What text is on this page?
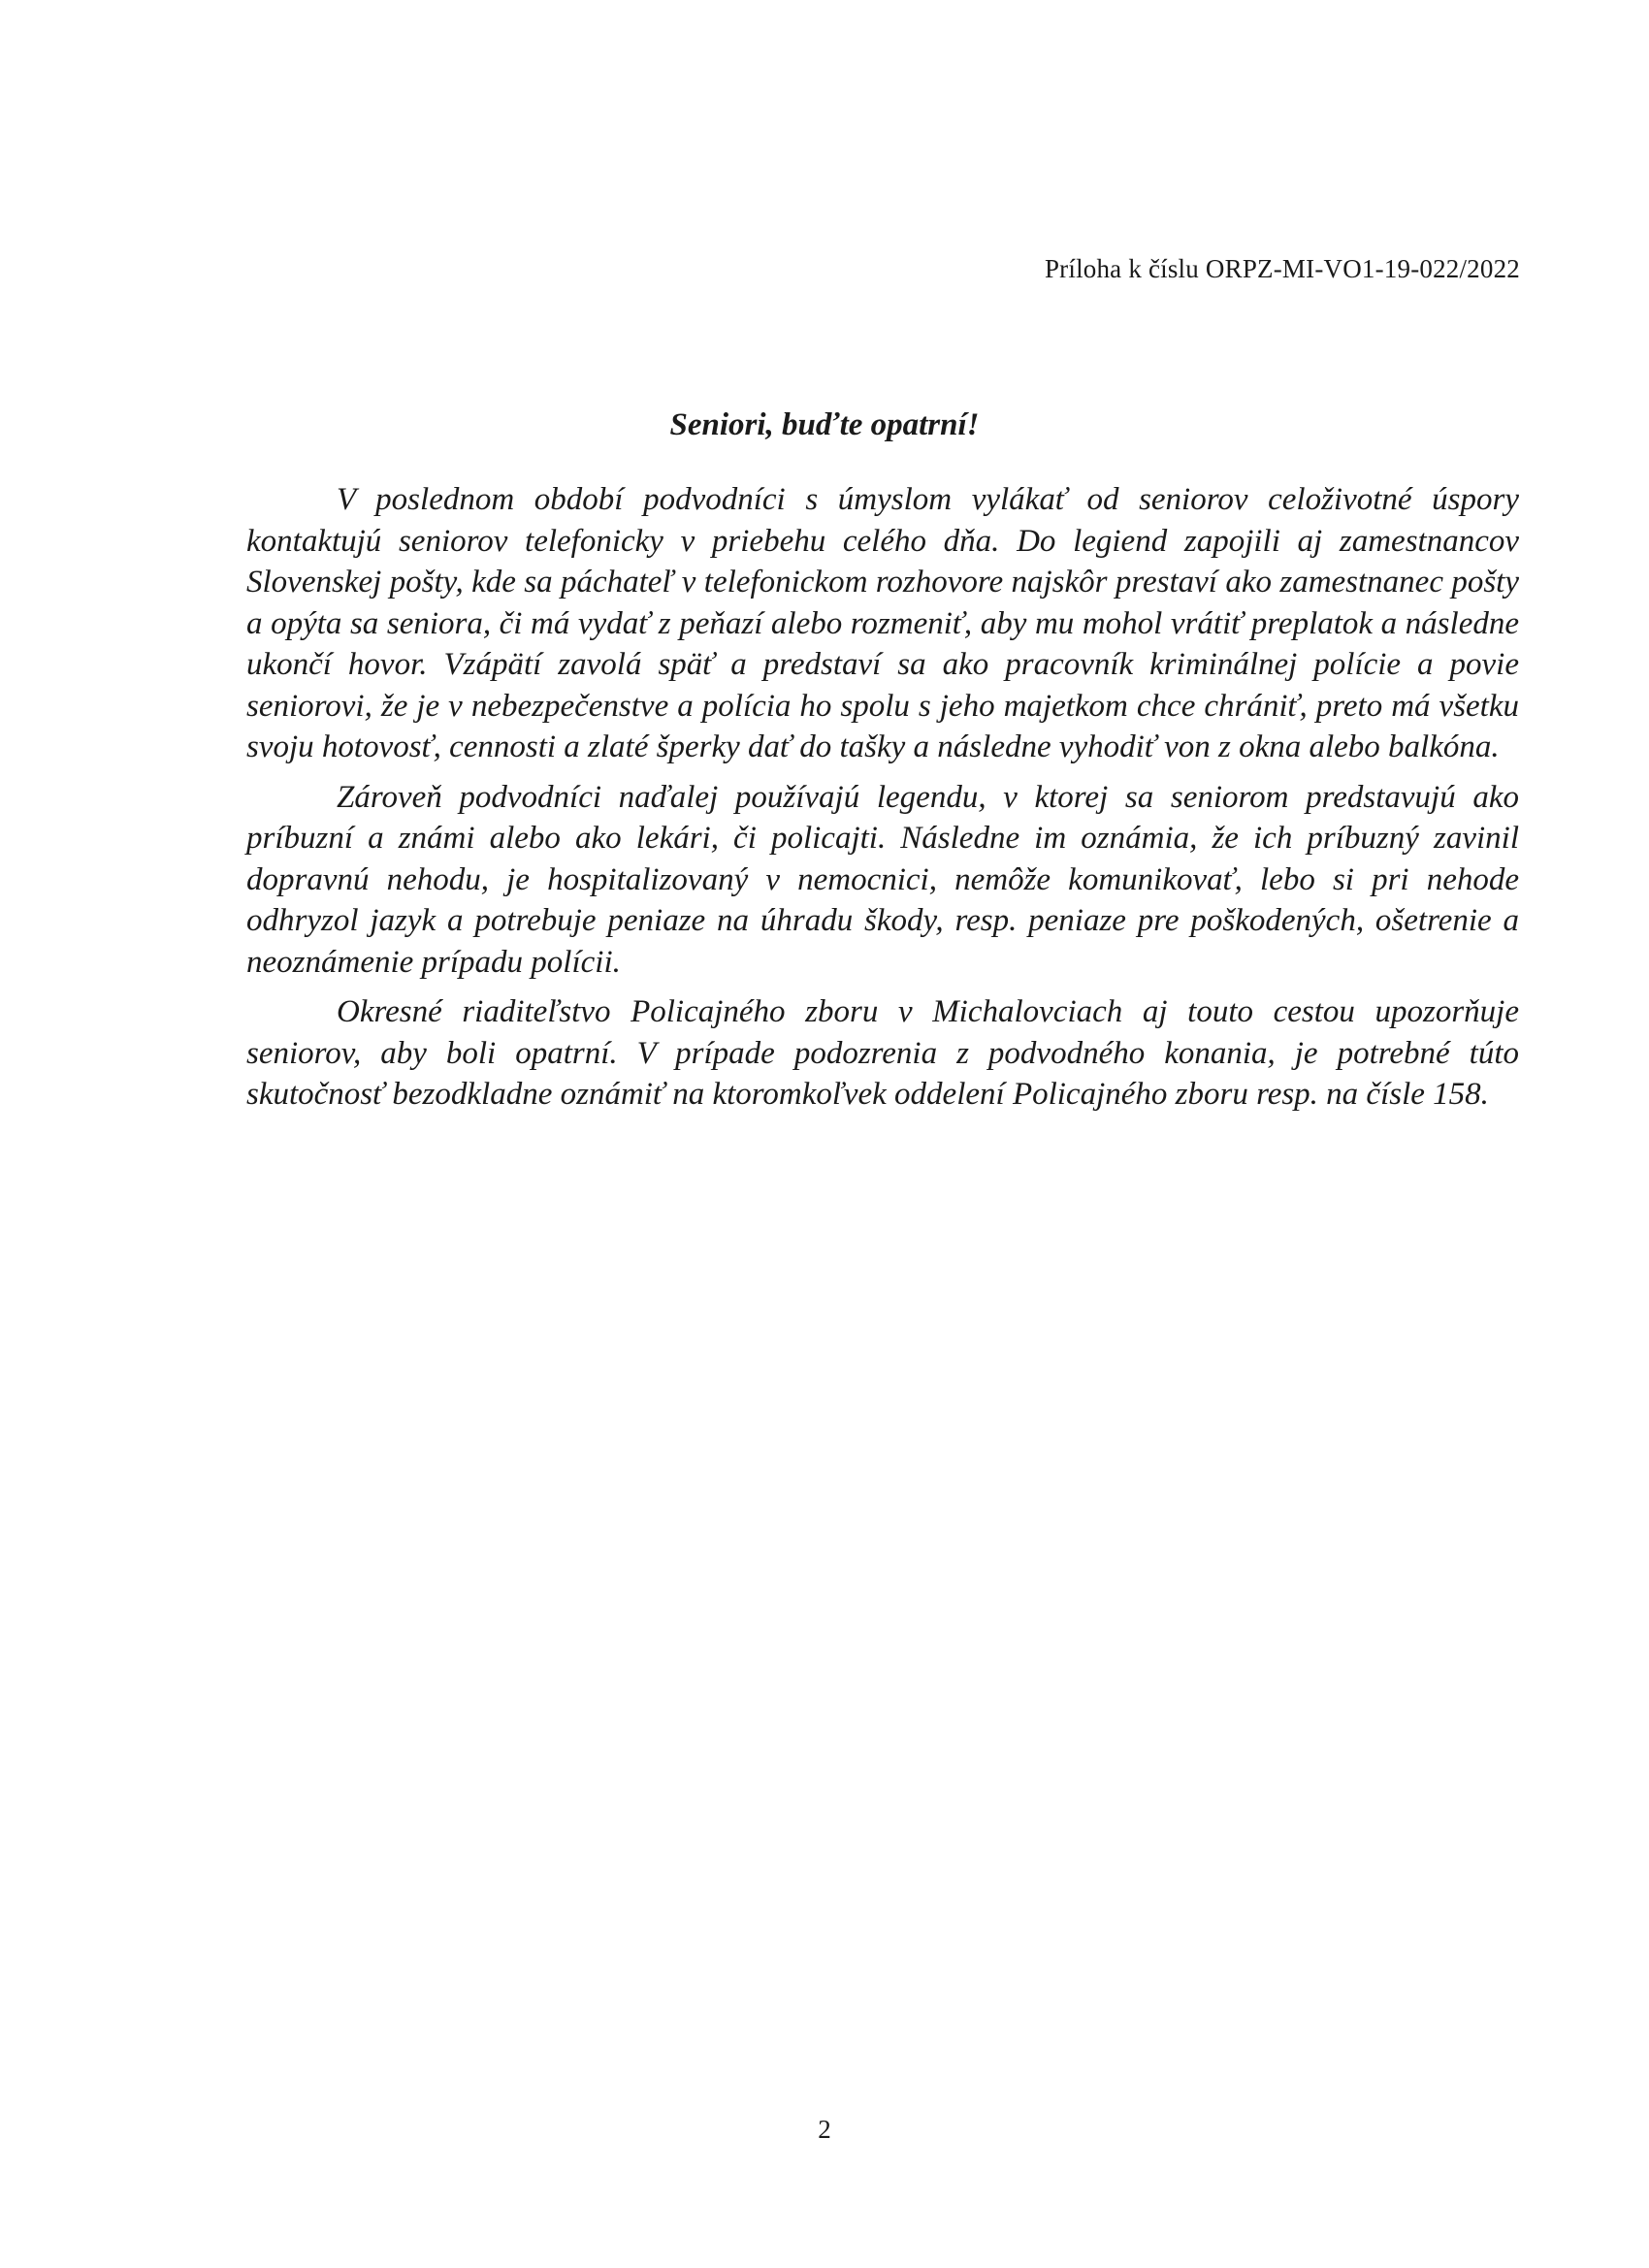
Príloha k číslu ORPZ-MI-VO1-19-022/2022
Seniori, buďte opatrní!

V poslednom období podvodníci s úmyslom vylákať od seniorov celoživotné úspory kontaktujú seniorov telefonicky v priebehu celého dňa. Do legiend zapojili aj zamestnancov Slovenskej pošty, kde sa páchateľ v telefonickom rozhovore najskôr prestaví ako zamestnanec pošty a opýta sa seniora, či má vydať z peňazí alebo rozmeniť, aby mu mohol vrátiť preplatok a následne ukončí hovor. Vzápätí zavolá späť a predstaví sa ako pracovník kriminálnej polície a povie seniorovi, že je v nebezpečenstve a polícia ho spolu s jeho majetkom chce chrániť, preto má všetku svoju hotovosť, cennosti a zlaté šperky dať do tašky a následne vyhodiť von z okna alebo balkóna.

Zároveň podvodníci naďalej používajú legendu, v ktorej sa seniorom predstavujú ako príbuzní a známi alebo ako lekári, či policajti. Následne im oznámia, že ich príbuzný zavinil dopravnú nehodu, je hospitalizovaný v nemocnici, nemôže komunikovať, lebo si pri nehode odhryzol jazyk a potrebuje peniaze na úhradu škody, resp. peniaze pre poškodených, ošetrenie a neoznámenie prípadu polícii.

Okresné riaditeľstvo Policajného zboru v Michalovciach aj touto cestou upozorňuje seniorov, aby boli opatrní. V prípade podozrenia z podvodného konania, je potrebné túto skutočnosť bezodkladne oznámiť na ktoromkoľvek oddelení Policajného zboru resp. na čísle 158.

2
